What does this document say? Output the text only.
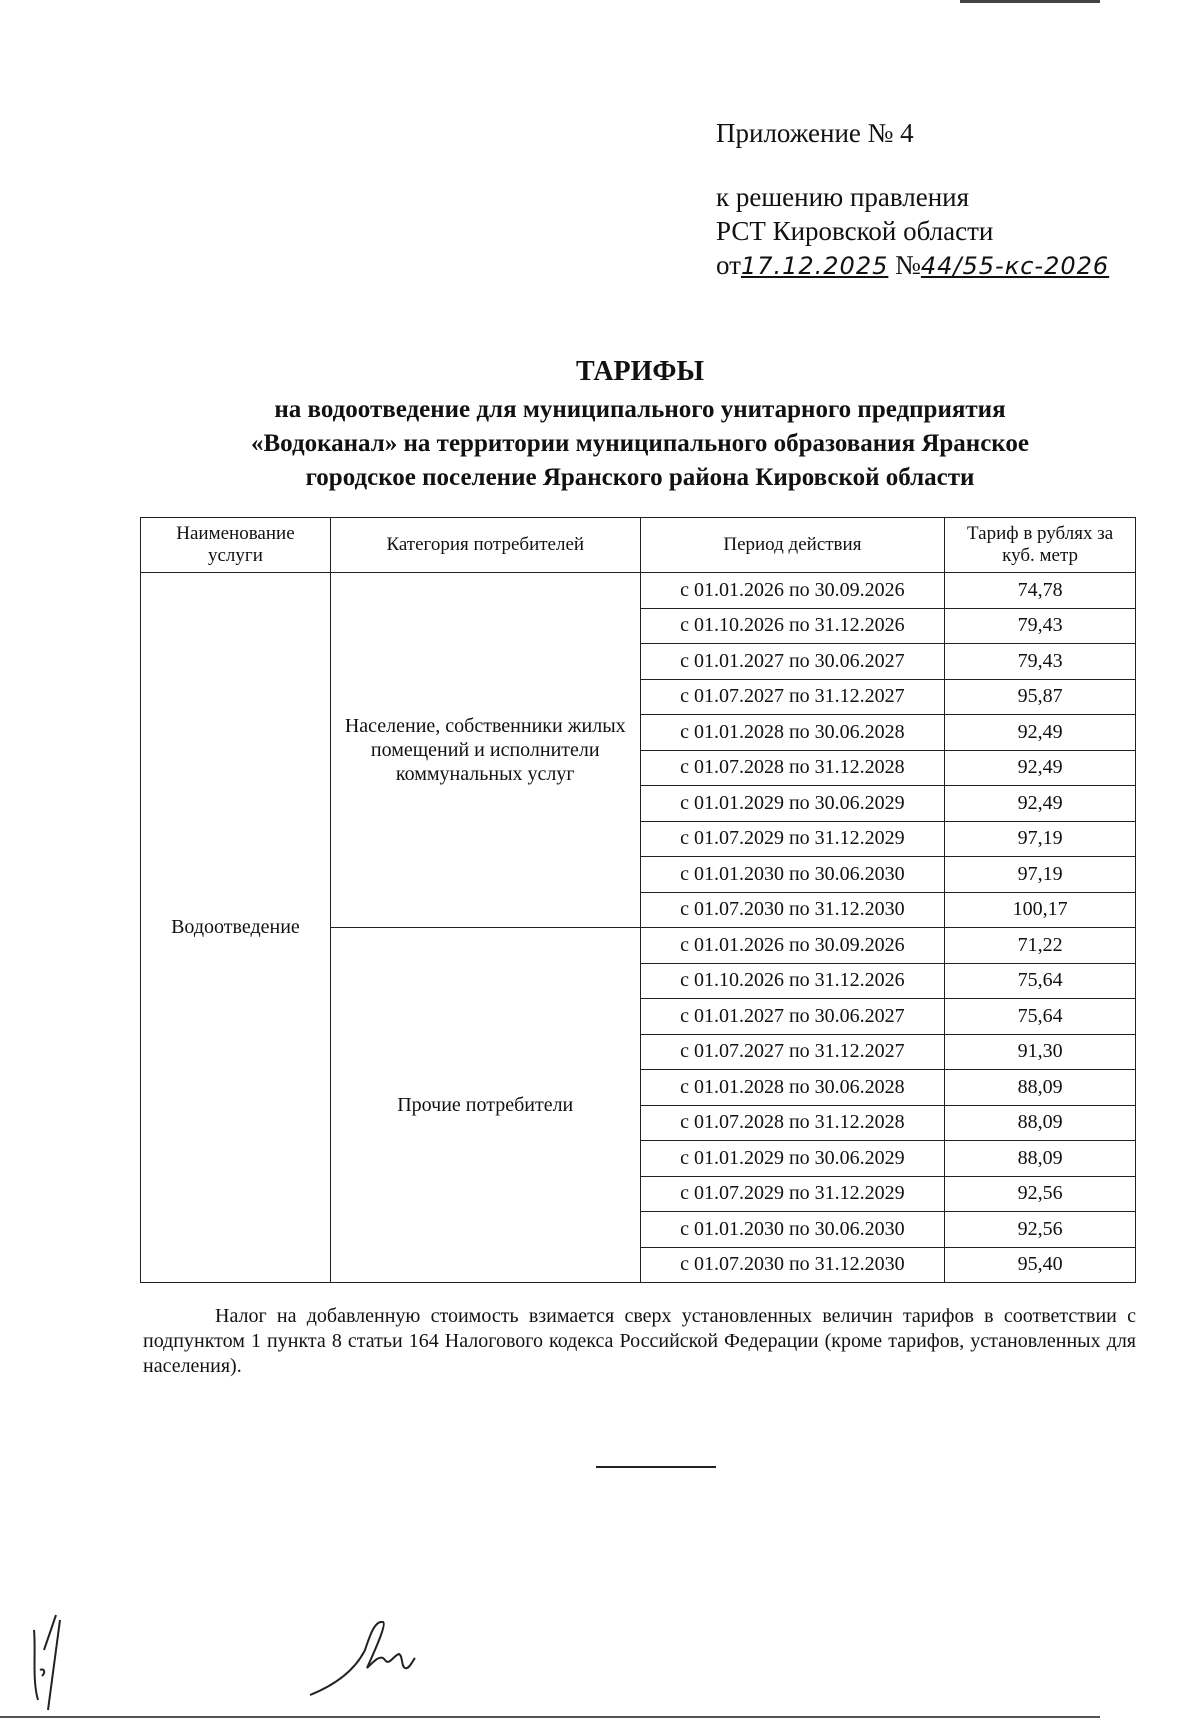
Приложение № 4
к решению правления
РСТ Кировской области
от17.12.2025 №44/55-кс-2026
ТАРИФЫ
на водоотведение для муниципального унитарного предприятия
«Водоканал» на территории муниципального образования Яранское
городское поселение Яранского района Кировской области
Наименование услуги	Категория потребителей	Период действия	Тариф в рублях за куб. метр
Водоотведение	Население, собственники жилых помещений и исполнители коммунальных услуг	с 01.01.2026 по 30.09.2026	74,78
		с 01.10.2026 по 31.12.2026	79,43
		с 01.01.2027 по 30.06.2027	79,43
		с 01.07.2027 по 31.12.2027	95,87
		с 01.01.2028 по 30.06.2028	92,49
		с 01.07.2028 по 31.12.2028	92,49
		с 01.01.2029 по 30.06.2029	92,49
		с 01.07.2029 по 31.12.2029	97,19
		с 01.01.2030 по 30.06.2030	97,19
		с 01.07.2030 по 31.12.2030	100,17
	Прочие потребители	с 01.01.2026 по 30.09.2026	71,22
		с 01.10.2026 по 31.12.2026	75,64
		с 01.01.2027 по 30.06.2027	75,64
		с 01.07.2027 по 31.12.2027	91,30
		с 01.01.2028 по 30.06.2028	88,09
		с 01.07.2028 по 31.12.2028	88,09
		с 01.01.2029 по 30.06.2029	88,09
		с 01.07.2029 по 31.12.2029	92,56
		с 01.01.2030 по 30.06.2030	92,56
		с 01.07.2030 по 31.12.2030	95,40
Налог на добавленную стоимость взимается сверх установленных величин тарифов в соответствии с подпунктом 1 пункта 8 статьи 164 Налогового кодекса Российской Федерации (кроме тарифов, установленных для населения).
